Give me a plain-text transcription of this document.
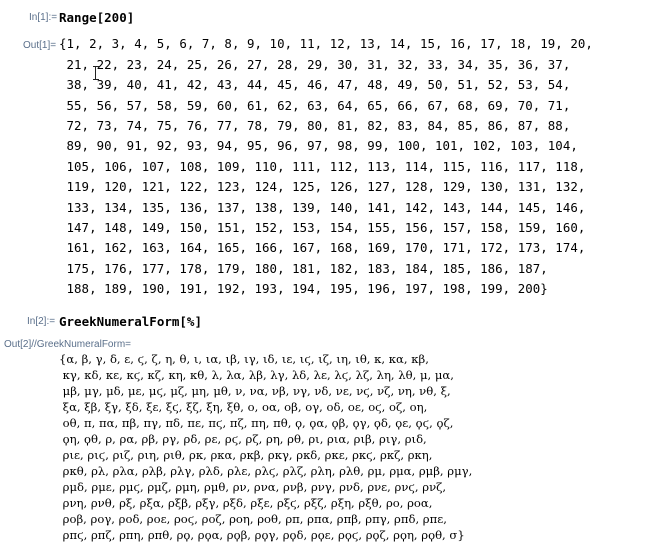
In[1]:= Range[200]
Out[1]= {1, 2, 3, 4, 5, 6, 7, 8, 9, 10, 11, 12, 13, 14, 15, 16, 17, 18, 19, 20,
21, 22, 23, 24, 25, 26, 27, 28, 29, 30, 31, 32, 33, 34, 35, 36, 37,
38, 39, 40, 41, 42, 43, 44, 45, 46, 47, 48, 49, 50, 51, 52, 53, 54,
55, 56, 57, 58, 59, 60, 61, 62, 63, 64, 65, 66, 67, 68, 69, 70, 71,
72, 73, 74, 75, 76, 77, 78, 79, 80, 81, 82, 83, 84, 85, 86, 87, 88,
89, 90, 91, 92, 93, 94, 95, 96, 97, 98, 99, 100, 101, 102, 103, 104,
105, 106, 107, 108, 109, 110, 111, 112, 113, 114, 115, 116, 117, 118,
119, 120, 121, 122, 123, 124, 125, 126, 127, 128, 129, 130, 131, 132,
133, 134, 135, 136, 137, 138, 139, 140, 141, 142, 143, 144, 145, 146,
147, 148, 149, 150, 151, 152, 153, 154, 155, 156, 157, 158, 159, 160,
161, 162, 163, 164, 165, 166, 167, 168, 169, 170, 171, 172, 173, 174,
175, 176, 177, 178, 179, 180, 181, 182, 183, 184, 185, 186, 187,
188, 189, 190, 191, 192, 193, 194, 195, 196, 197, 198, 199, 200}
In[2]:= GreekNumeralForm[%]
Out[2]//GreekNumeralForm=
{α, β, γ, δ, ε, ϛ, ζ, η, θ, ι, ια, ιβ, ιγ, ιδ, ιε, ιϛ, ιζ, ιη, ιθ, κ, κα, κβ,
κγ, κδ, κε, κϛ, κζ, κη, κθ, λ, λα, λβ, λγ, λδ, λε, λϛ, λζ, λη, λθ, μ, μα,
μβ, μγ, μδ, με, μϛ, μζ, μη, μθ, ν, να, νβ, νγ, νδ, νε, νϛ, νζ, νη, νθ, ξ,
ξα, ξβ, ξγ, ξδ, ξε, ξϛ, ξζ, ξη, ξθ, ο, οα, οβ, ογ, οδ, οε, οϛ, οζ, οη,
οθ, π, πα, πβ, πγ, πδ, πε, πϛ, πζ, πη, πθ, ϙ, ϙα, ϙβ, ϙγ, ϙδ, ϙε, ϙϛ, ϙζ,
ϙη, ϙθ, ρ, ρα, ρβ, ργ, ρδ, ρε, ρϛ, ρζ, ρη, ρθ, ρι, ρια, ριβ, ριγ, ριδ,
ριε, ριϛ, ριζ, ριη, ριθ, ρκ, ρκα, ρκβ, ρκγ, ρκδ, ρκε, ρκϛ, ρκζ, ρκη,
ρκθ, ρλ, ρλα, ρλβ, ρλγ, ρλδ, ρλε, ρλϛ, ρλζ, ρλη, ρλθ, ρμ, ρμα, ρμβ, ρμγ,
ρμδ, ρμε, ρμϛ, ρμζ, ρμη, ρμθ, ρν, ρνα, ρνβ, ρνγ, ρνδ, ρνε, ρνϛ, ρνζ,
ρνη, ρνθ, ρξ, ρξα, ρξβ, ρξγ, ρξδ, ρξε, ρξϛ, ρξζ, ρξη, ρξθ, ρο, ροα,
ροβ, ρογ, ροδ, ροε, ροϛ, ροζ, ροη, ροθ, ρπ, ρπα, ρπβ, ρπγ, ρπδ, ρπε,
ρπϛ, ρπζ, ρπη, ρπθ, ρϙ, ρϙα, ρϙβ, ρϙγ, ρϙδ, ρϙε, ρϙϛ, ρϙζ, ρϙη, ρϙθ, σ}
